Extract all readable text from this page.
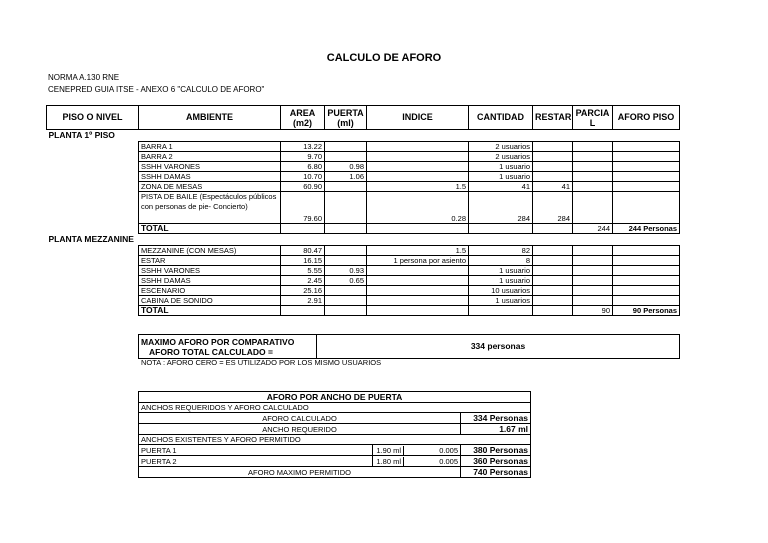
CALCULO DE AFORO
NORMA A.130 RNE
CENEPRED GUIA ITSE - ANEXO 6 "CALCULO DE AFORO"
PISO O NIVEL	AMBIENTE	AREA (m2)	PUERTA (ml)	INDICE	CANTIDAD	RESTAR	PARCIA L	AFORO PISO
PLANTA 1º PISO								
	BARRA 1	13.22			2 usuarios			
	BARRA 2	9.70			2 usuarios			
	SSHH VARONES	6.80	0.98		1 usuario			
	SSHH DAMAS	10.70	1.06		1 usuario			
	ZONA DE MESAS	60.90		1.5	41	41		
	PISTA DE BAILE (Espectáculos públicos con personas de pie- Concierto)	79.60		0.28	284	284		
	TOTAL						244	244 Personas
PLANTA MEZZANINE								
	MEZZANINE (CON MESAS)	80.47		1.5	82			
	ESTAR	16.15		1 persona por asiento	8			
	SSHH VARONES	5.55	0.93		1 usuario			
	SSHH DAMAS	2.45	0.65		1 usuario			
	ESCENARIO	25.16			10 usuarios			
	CABINA DE SONIDO	2.91			1 usuarios			
	TOTAL						90	90 Personas
MAXIMO AFORO POR COMPARATIVO
AFORO TOTAL CALCULADO =
	334 personas
NOTA : AFORO CERO = ES UTILIZADO POR LOS MISMO USUARIOS
AFORO POR ANCHO DE PUERTA		
ANCHOS REQUERIDOS Y AFORO CALCULADO		
AFORO CALCULADO		334 Personas
ANCHO REQUERIDO		1.67 ml
ANCHOS EXISTENTES Y AFORO PERMITIDO		
PUERTA 1	1.90 ml 0.005	380 Personas
PUERTA 2	1.80 ml 0.005	360 Personas
AFORO MAXIMO PERMITIDO		740 Personas
